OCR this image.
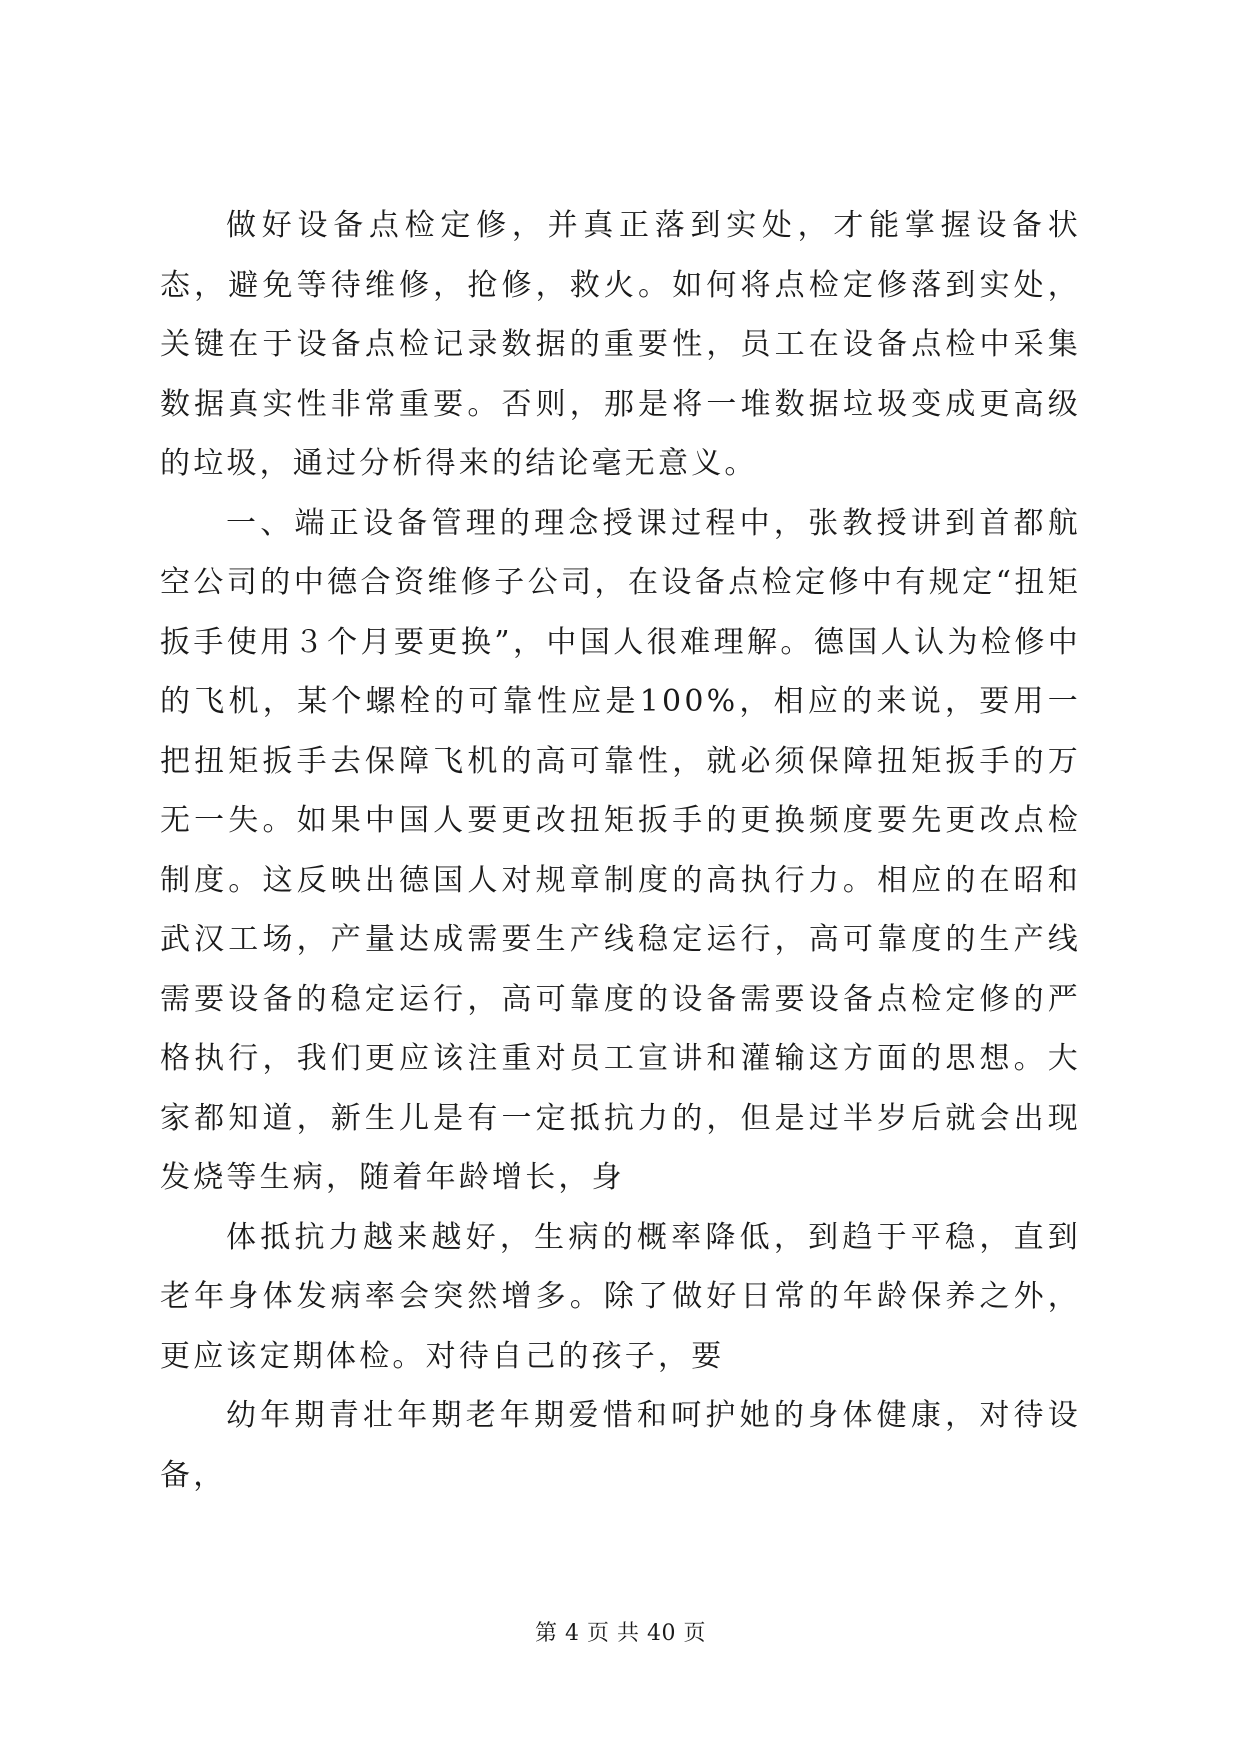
做好设备点检定修，并真正落到实处，才能掌握设备状态，避免等待维修，抢修，救火。如何将点检定修落到实处，关键在于设备点检记录数据的重要性，员工在设备点检中采集数据真实性非常重要。否则，那是将一堆数据垃圾变成更高级的垃圾，通过分析得来的结论毫无意义。

一、端正设备管理的理念授课过程中，张教授讲到首都航空公司的中德合资维修子公司，在设备点检定修中有规定“扭矩扳手使用３个月要更换”，中国人很难理解。德国人认为检修中的飞机，某个螺栓的可靠性应是100%，相应的来说，要用一把扭矩扳手去保障飞机的高可靠性，就必须保障扭矩扳手的万无一失。如果中国人要更改扭矩扳手的更换频度要先更改点检制度。这反映出德国人对规章制度的高执行力。相应的在昭和武汉工场，产量达成需要生产线稳定运行，高可靠度的生产线需要设备的稳定运行，高可靠度的设备需要设备点检定修的严格执行，我们更应该注重对员工宣讲和灌输这方面的思想。大家都知道，新生儿是有一定抵抗力的，但是过半岁后就会出现发烧等生病，随着年龄增长，身

体抵抗力越来越好，生病的概率降低，到趋于平稳，直到老年身体发病率会突然增多。除了做好日常的年龄保养之外，更应该定期体检。对待自己的孩子，要

幼年期青壮年期老年期爱惜和呵护她的身体健康，对待设备，

第 4 页 共 40 页
